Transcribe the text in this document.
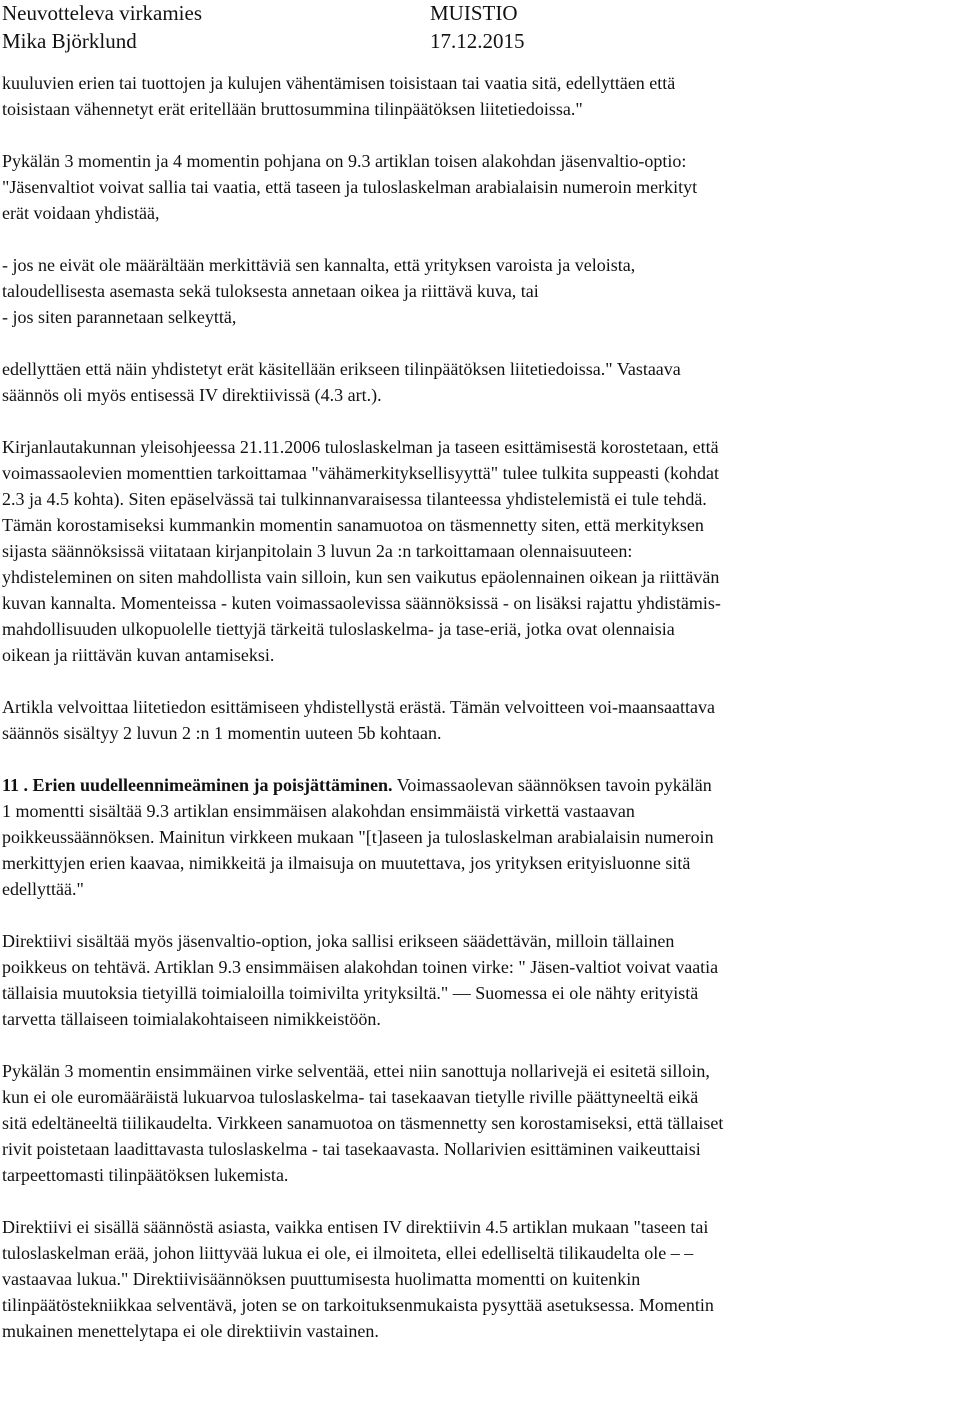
Neuvotteleva virkamies
Mika Björklund
MUISTIO
17.12.2015
kuuluvien erien tai tuottojen ja kulujen vähentämisen toisistaan tai vaatia sitä, edellyttäen että
toisistaan vähennetyt erät eritellään bruttosummina tilinpäätöksen liitetiedoissa."
Pykälän 3 momentin ja 4 momentin pohjana on 9.3 artiklan toisen alakohdan jäsenvaltio-optio:
"Jäsenvaltiot voivat sallia tai vaatia, että taseen ja tuloslaskelman arabialaisin numeroin merkityt
erät voidaan yhdistää,
- jos ne eivät ole määrältään merkittäviä sen kannalta, että yrityksen varoista ja veloista,
taloudellisesta asemasta sekä tuloksesta annetaan oikea ja riittävä kuva, tai
- jos siten parannetaan selkeyttä,
edellyttäen että näin yhdistetyt erät käsitellään erikseen tilinpäätöksen liitetiedoissa." Vastaava
säännös oli myös entisessä IV direktiivissä (4.3 art.).
Kirjanlautakunnan yleisohjeessa 21.11.2006 tuloslaskelman ja taseen esittämisestä korostetaan, että
voimassaolevien momenttien tarkoittamaa "vähämerkityksellisyyttä" tulee tulkita suppeasti (kohdat
2.3 ja 4.5 kohta). Siten epäselvässä tai tulkinnanvaraisessa tilanteessa yhdistelemistä ei tule tehdä.
Tämän korostamiseksi kummankin momentin sanamuotoa on täsmennetty siten, että merkityksen
sijasta säännöksissä viitataan kirjanpitolain 3 luvun 2a :n tarkoittamaan olennaisuuteen:
yhdisteleminen on siten mahdollista vain silloin, kun sen vaikutus epäolennainen oikean ja riittävän
kuvan kannalta. Momenteissa - kuten voimassaolevissa säännöksissä - on lisäksi rajattu yhdistämis-
mahdollisuuden ulkopuolelle tiettyjä tärkeitä tuloslaskelma- ja tase-eriä, jotka ovat olennaisia
oikean ja riittävän kuvan antamiseksi.
Artikla velvoittaa liitetiedon esittämiseen yhdistellystä erästä. Tämän velvoitteen voi-maansaattava
säännös sisältyy 2 luvun 2 :n 1 momentin uuteen 5b kohtaan.
11 . Erien uudelleennimeäminen ja poisjättäminen. Voimassaolevan säännöksen tavoin pykälän
1 momentti sisältää 9.3 artiklan ensimmäisen alakohdan ensimmäistä virkettä vastaavan
poikkeussäännöksen. Mainitun virkkeen mukaan "[t]aseen ja tuloslaskelman arabialaisin numeroin
merkittyjen erien kaavaa, nimikkeitä ja ilmaisuja on muutettava, jos yrityksen erityisluonne sitä
edellyttää."
Direktiivi sisältää myös jäsenvaltio-option, joka sallisi erikseen säädettävän, milloin tällainen
poikkeus on tehtävä. Artiklan 9.3 ensimmäisen alakohdan toinen virke: " Jäsen-valtiot voivat vaatia
tällaisia muutoksia tietyillä toimialoilla toimivilta yrityksiltä." –– Suomessa ei ole nähty erityistä
tarvetta tällaiseen toimialakohtaiseen nimikkeistöön.
Pykälän 3 momentin ensimmäinen virke selventää, ettei niin sanottuja nollarivejä ei esitetä silloin,
kun ei ole euromääräistä lukuarvoa tuloslaskelma- tai tasekaavan tietylle riville päättyneeltä eikä
sitä edeltäneeltä tiilikaudelta. Virkkeen sanamuotoa on täsmennetty sen korostamiseksi, että tällaiset
rivit poistetaan laadittavasta tuloslaskelma - tai tasekaavasta. Nollarivien esittäminen vaikeuttaisi
tarpeettomasti tilinpäätöksen lukemista.
Direktiivi ei sisällä säännöstä asiasta, vaikka entisen IV direktiivin 4.5 artiklan mukaan "taseen tai
tuloslaskelman erää, johon liittyvää lukua ei ole, ei ilmoiteta, ellei edelliseltä tilikaudelta ole – –
vastaavaa lukua." Direktiivisäännöksen puuttumisesta huolimatta momentti on kuitenkin
tilinpäätöstekniikkaa selventävä, joten se on tarkoituksenmukaista pysyttää asetuksessa. Momentin
mukainen menettelytapa ei ole direktiivin vastainen.
